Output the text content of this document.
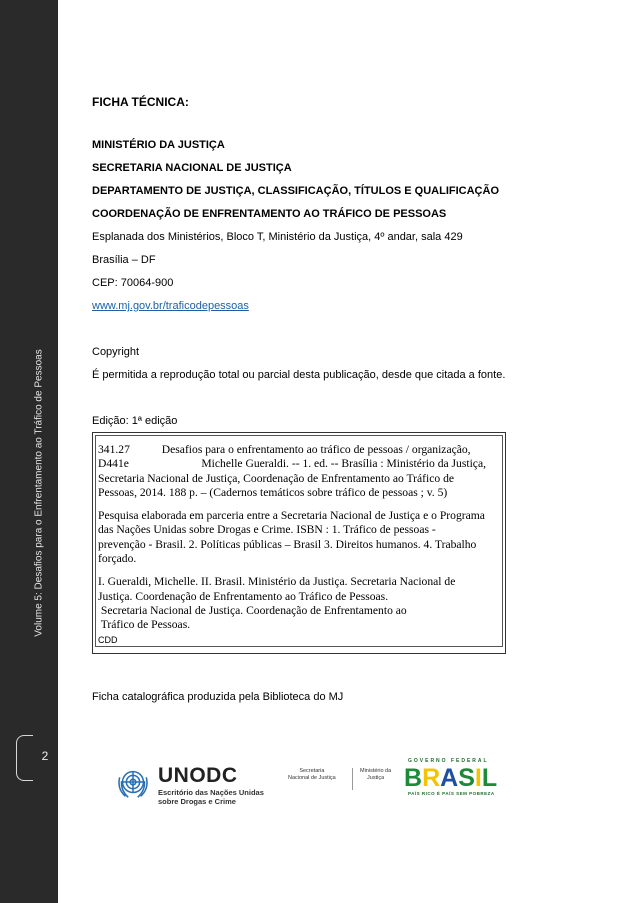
Volume 5: Desafios para o Enfrentamento ao Tráfico de Pessoas
2
FICHA TÉCNICA:
MINISTÉRIO DA JUSTIÇA
SECRETARIA NACIONAL DE JUSTIÇA
DEPARTAMENTO DE JUSTIÇA, CLASSIFICAÇÃO, TÍTULOS E QUALIFICAÇÃO
COORDENAÇÃO DE ENFRENTAMENTO AO TRÁFICO DE PESSOAS
Esplanada dos Ministérios, Bloco T, Ministério da Justiça, 4º andar, sala 429
Brasília – DF
CEP: 70064-900
www.mj.gov.br/traficodepessoas
Copyright
É permitida a reprodução total ou parcial desta publicação, desde que citada a fonte.
Edição: 1ª edição
Ficha catalográfica produzida pela Biblioteca do MJ

341.27           Desafios para o enfrentamento ao tráfico de pessoas / organização,

D441e                         Michelle Gueraldi. -- 1. ed. -- Brasília : Ministério da Justiça,

Secretaria Nacional de Justiça, Coordenação de Enfrentamento ao Tráfico de

Pessoas, 2014. 188 p. – (Cadernos temáticos sobre tráfico de pessoas ; v. 5)

Pesquisa elaborada em parceria entre a Secretaria Nacional de Justiça e o Programa

das Nações Unidas sobre Drogas e Crime. ISBN : 1. Tráfico de pessoas -

prevenção - Brasil. 2. Políticas públicas – Brasil 3. Direitos humanos. 4. Trabalho

forçado.

I. Gueraldi, Michelle. II. Brasil. Ministério da Justiça. Secretaria Nacional de

Justiça. Coordenação de Enfrentamento ao Tráfico de Pessoas.

Secretaria Nacional de Justiça. Coordenação de Enfrentamento ao

Tráfico de Pessoas.

CDD

UNODC
Escritório das Nações Unidas
sobre Drogas e Crime
Secretaria
Nacional de Justiça
Ministério da
Justiça
GOVERNO FEDERAL
BRASIL
PAÍS RICO É PAÍS SEM POBREZA
